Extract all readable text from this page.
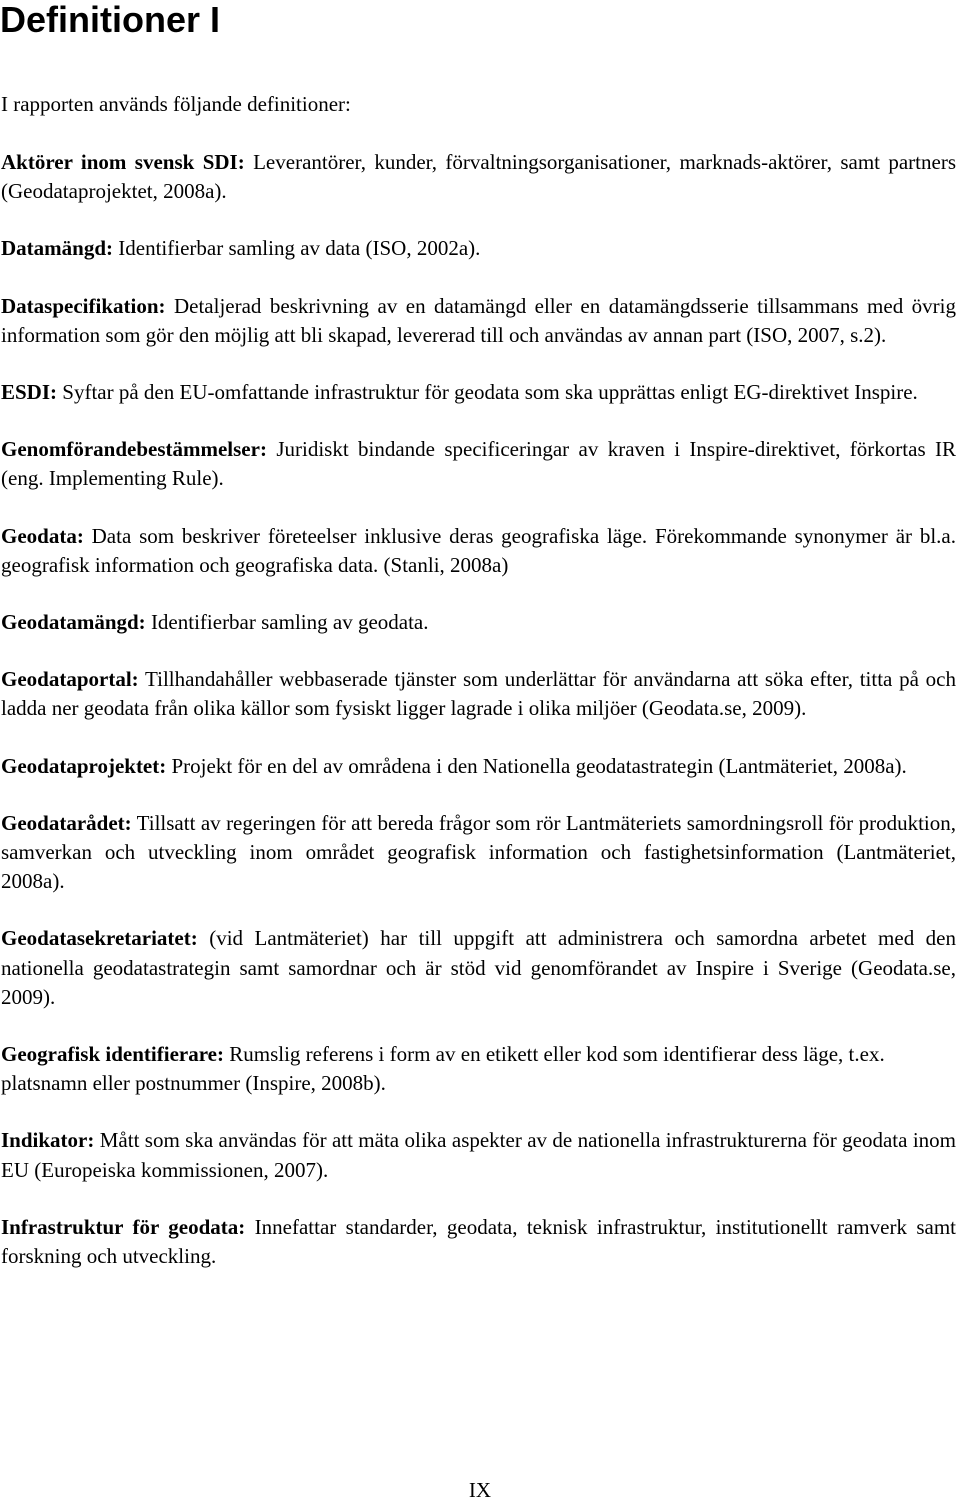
Definitioner I

I rapporten används följande definitioner:

Aktörer inom svensk SDI: Leverantörer, kunder, förvaltningsorganisationer, marknads-aktörer, samt partners (Geodataprojektet, 2008a).

Datamängd: Identifierbar samling av data (ISO, 2002a).

Dataspecifikation: Detaljerad beskrivning av en datamängd eller en datamängdsserie tillsammans med övrig information som gör den möjlig att bli skapad, levererad till och användas av annan part (ISO, 2007, s.2).

ESDI: Syftar på den EU-omfattande infrastruktur för geodata som ska upprättas enligt EG-direktivet Inspire.

Genomförandebestämmelser: Juridiskt bindande specificeringar av kraven i Inspire-direktivet, förkortas IR (eng. Implementing Rule).

Geodata: Data som beskriver företeelser inklusive deras geografiska läge. Förekommande synonymer är bl.a. geografisk information och geografiska data. (Stanli, 2008a)

Geodatamängd: Identifierbar samling av geodata.

Geodataportal: Tillhandahåller webbaserade tjänster som underlättar för användarna att söka efter, titta på och ladda ner geodata från olika källor som fysiskt ligger lagrade i olika miljöer (Geodata.se, 2009).

Geodataprojektet: Projekt för en del av områdena i den Nationella geodatastrategin (Lantmäteriet, 2008a).

Geodatarådet: Tillsatt av regeringen för att bereda frågor som rör Lantmäteriets samordningsroll för produktion, samverkan och utveckling inom området geografisk information och fastighetsinformation (Lantmäteriet, 2008a).

Geodatasekretariatet: (vid Lantmäteriet) har till uppgift att administrera och samordna arbetet med den nationella geodatastrategin samt samordnar och är stöd vid genomförandet av Inspire i Sverige (Geodata.se, 2009).

Geografisk identifierare: Rumslig referens i form av en etikett eller kod som identifierar dess läge, t.ex. platsnamn eller postnummer (Inspire, 2008b).

Indikator: Mått som ska användas för att mäta olika aspekter av de nationella infrastrukturerna för geodata inom EU (Europeiska kommissionen, 2007).

Infrastruktur för geodata: Innefattar standarder, geodata, teknisk infrastruktur, institutionellt ramverk samt forskning och utveckling.

IX
